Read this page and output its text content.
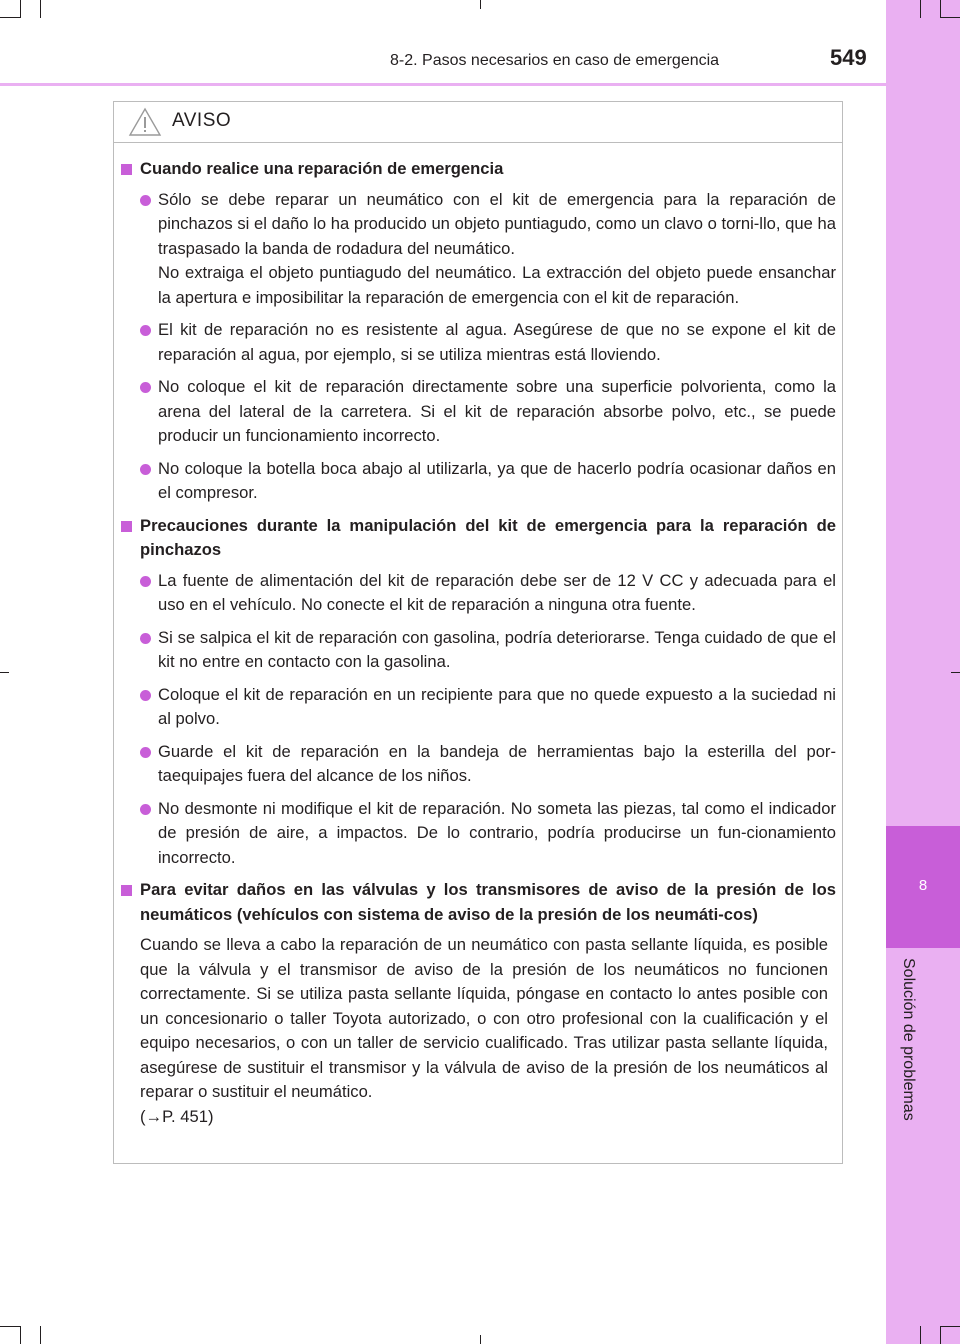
8
Solución de problemas
8-2. Pasos necesarios en caso de emergencia	549
AVISO
Cuando realice una reparación de emergencia

Sólo se debe reparar un neumático con el kit de emergencia para la reparación de pinchazos si el daño lo ha producido un objeto puntiagudo, como un clavo o torni-llo, que ha traspasado la banda de rodadura del neumático.

No extraiga el objeto puntiagudo del neumático. La extracción del objeto puede ensanchar la apertura e imposibilitar la reparación de emergencia con el kit de reparación.

El kit de reparación no es resistente al agua. Asegúrese de que no se expone el kit de reparación al agua, por ejemplo, si se utiliza mientras está lloviendo.

No coloque el kit de reparación directamente sobre una superficie polvorienta, como la arena del lateral de la carretera. Si el kit de reparación absorbe polvo, etc., se puede producir un funcionamiento incorrecto.

No coloque la botella boca abajo al utilizarla, ya que de hacerlo podría ocasionar daños en el compresor.

Precauciones durante la manipulación del kit de emergencia para la reparación de pinchazos

La fuente de alimentación del kit de reparación debe ser de 12 V CC y adecuada para el uso en el vehículo. No conecte el kit de reparación a ninguna otra fuente.

Si se salpica el kit de reparación con gasolina, podría deteriorarse. Tenga cuidado de que el kit no entre en contacto con la gasolina.

Coloque el kit de reparación en un recipiente para que no quede expuesto a la suciedad ni al polvo.

Guarde el kit de reparación en la bandeja de herramientas bajo la esterilla del por-taequipajes fuera del alcance de los niños.

No desmonte ni modifique el kit de reparación. No someta las piezas, tal como el indicador de presión de aire, a impactos. De lo contrario, podría producirse un fun-cionamiento incorrecto.

Para evitar daños en las válvulas y los transmisores de aviso de la presión de los neumáticos (vehículos con sistema de aviso de la presión de los neumáti-cos)

Cuando se lleva a cabo la reparación de un neumático con pasta sellante líquida, es posible que la válvula y el transmisor de aviso de la presión de los neumáticos no funcionen correctamente. Si se utiliza pasta sellante líquida, póngase en contacto lo antes posible con un concesionario o taller Toyota autorizado, o con otro profesional con la cualificación y el equipo necesarios, o con un taller de servicio cualificado. Tras utilizar pasta sellante líquida, asegúrese de sustituir el transmisor y la válvula de aviso de la presión de los neumáticos al reparar o sustituir el neumático.

(→P. 451)
